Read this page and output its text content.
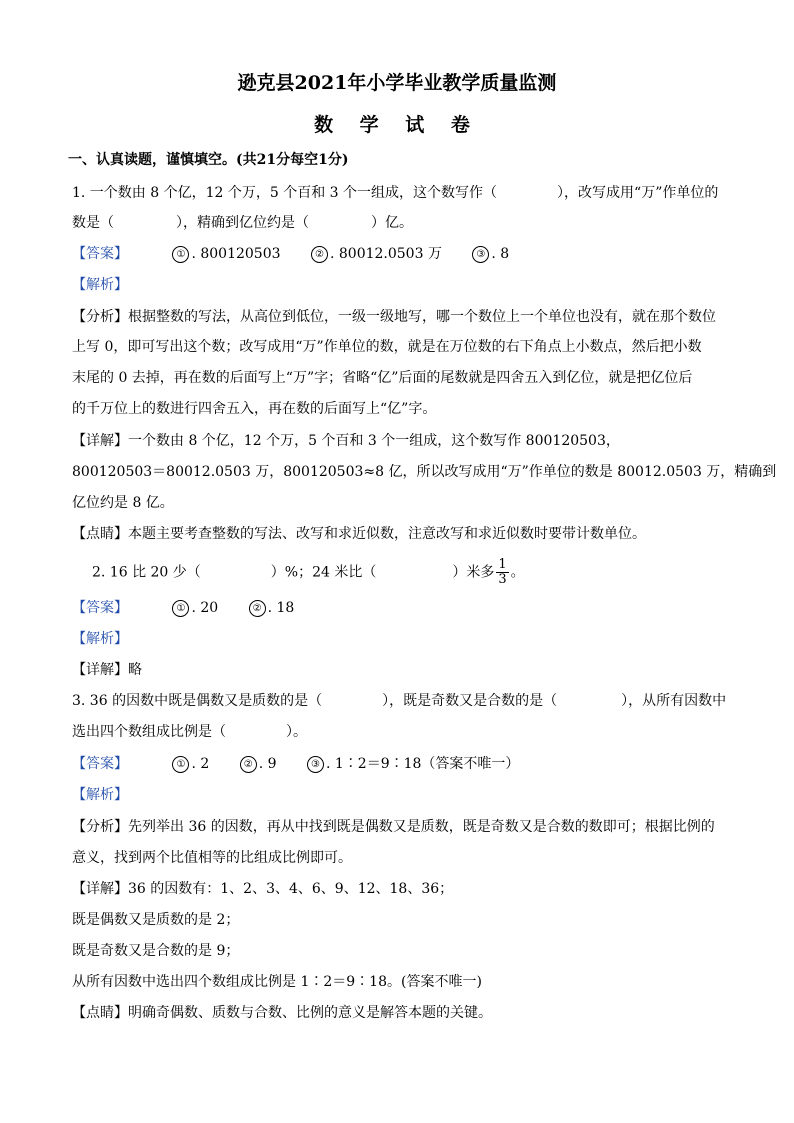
逊克县2021年小学毕业教学质量监测
数 学 试 卷
一、认真读题，谨慎填空。(共21分每空1分)
1. 一个数由 8 个亿，12 个万，5 个百和 3 个一组成，这个数写作（	），改写成用“万”作单位的
数是（	），精确到亿位约是（	）亿。
【答案】	① . 800120503	② . 80012.0503 万	③ . 8
【解析】
【分析】根据整数的写法，从高位到低位，一级一级地写，哪一个数位上一个单位也没有，就在那个数位
上写 0，即可写出这个数；改写成用“万”作单位的数，就是在万位数的右下角点上小数点，然后把小数
末尾的 0 去掉，再在数的后面写上“万”字；省略“亿”后面的尾数就是四舍五入到亿位，就是把亿位后
的千万位上的数进行四舍五入，再在数的后面写上“亿”字。
【详解】一个数由 8 个亿，12 个万，5 个百和 3 个一组成，这个数写作 800120503，
800120503＝80012.0503 万，800120503≈8 亿，所以改写成用“万”作单位的数是 80012.0503 万，精确到
亿位约是 8 亿。
【点睛】本题主要考查整数的写法、改写和求近似数，注意改写和求近似数时要带计数单位。
2. 16 比 20 少（	）%；24 米比（	）米多 $\frac{1}{3}$ 。
【答案】	① . 20	② . 18
【解析】
【详解】略
3. 36 的因数中既是偶数又是质数的是（	），既是奇数又是合数的是（	），从所有因数中
选出四个数组成比例是（	）。
【答案】	① . 2	② . 9	③ . 1∶2＝9∶18（答案不唯一）
【解析】
【分析】先列举出 36 的因数，再从中找到既是偶数又是质数，既是奇数又是合数的数即可；根据比例的
意义，找到两个比值相等的比组成比例即可。
【详解】36 的因数有：1、2、3、4、6、9、12、18、36；
既是偶数又是质数的是 2；
既是奇数又是合数的是 9；
从所有因数中选出四个数组成比例是 1∶2＝9∶18。(答案不唯一)
【点睛】明确奇偶数、质数与合数、比例的意义是解答本题的关键。
